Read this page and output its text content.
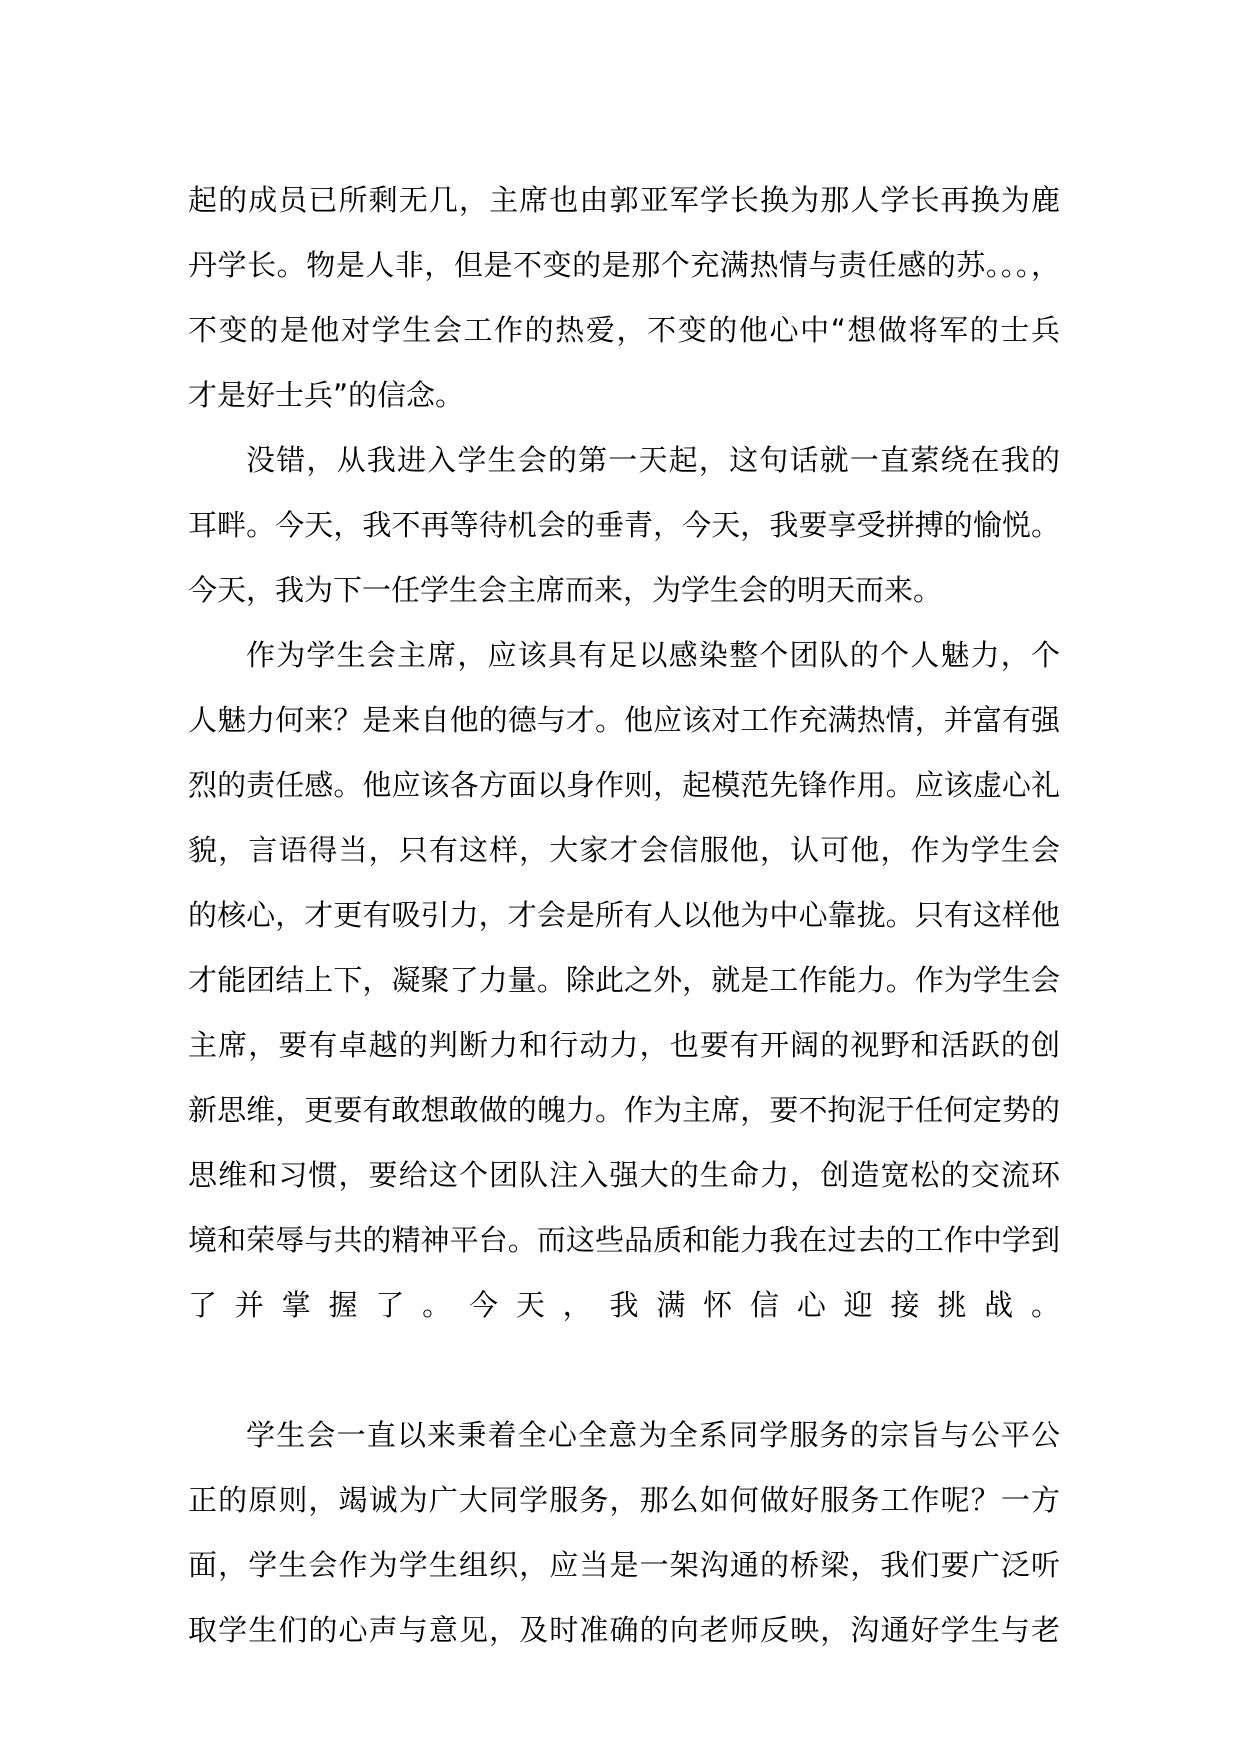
起的成员已所剩无几，主席也由郭亚军学长换为那人学长再换为鹿
丹学长。物是人非，但是不变的是那个充满热情与责任感的苏。。。，
不变的是他对学生会工作的热爱，不变的他心中“想做将军的士兵
才是好士兵”的信念。
没错，从我进入学生会的第一天起，这句话就一直萦绕在我的
耳畔。今天，我不再等待机会的垂青，今天，我要享受拼搏的愉悦。
今天，我为下一任学生会主席而来，为学生会的明天而来。
作为学生会主席，应该具有足以感染整个团队的个人魅力，个
人魅力何来？是来自他的德与才。他应该对工作充满热情，并富有强
烈的责任感。他应该各方面以身作则，起模范先锋作用。应该虚心礼
貌，言语得当，只有这样，大家才会信服他，认可他，作为学生会
的核心，才更有吸引力，才会是所有人以他为中心靠拢。只有这样他
才能团结上下，凝聚了力量。除此之外，就是工作能力。作为学生会
主席，要有卓越的判断力和行动力，也要有开阔的视野和活跃的创
新思维，更要有敢想敢做的魄力。作为主席，要不拘泥于任何定势的
思维和习惯，要给这个团队注入强大的生命力，创造宽松的交流环
境和荣辱与共的精神平台。而这些品质和能力我在过去的工作中学到
了并掌握了。今天，我满怀信心迎接挑战。
学生会一直以来秉着全心全意为全系同学服务的宗旨与公平公
正的原则，竭诚为广大同学服务，那么如何做好服务工作呢？一方
面，学生会作为学生组织，应当是一架沟通的桥梁，我们要广泛听
取学生们的心声与意见，及时准确的向老师反映，沟通好学生与老
